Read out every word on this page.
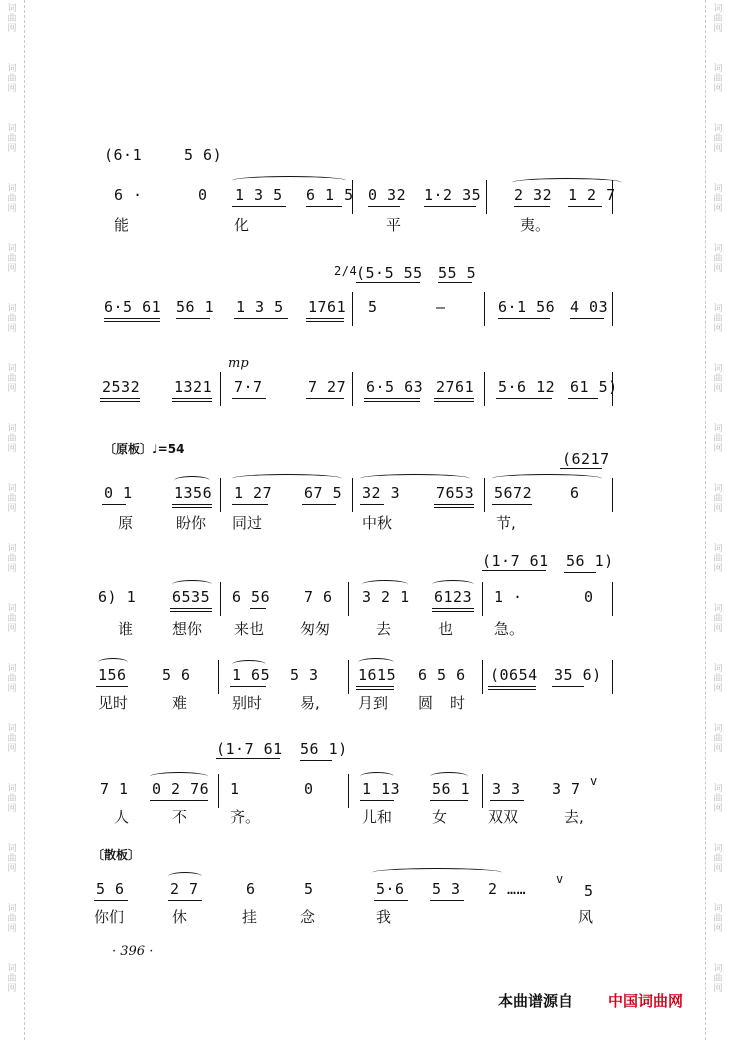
词
曲
网
词
曲
网
词
曲
网
词
曲
网
词
曲
网
词
曲
网
词
曲
网
词
曲
网
词
曲
网
词
曲
网
词
曲
网
词
曲
网
词
曲
网
词
曲
网
词
曲
网
词
曲
网
词
曲
网
词
曲
网
词
曲
网
词
曲
网
词
曲
网
词
曲
网
词
曲
网
词
曲
网
词
曲
网
词
曲
网
词
曲
网
词
曲
网
词
曲
网
词
曲
网
词
曲
网
词
曲
网
词
曲
网
词
曲
网
(6·1	5 6)
6 ·	0 1 3 5 6 1 5 0 32 1·2 35 2 32 1 2 7
能	化	平	夷。
2/4
(5·5 55 55 5
6·5 61 56 1 1 3 5 1761 5	—	6·1 56 4 03
mp
2532 1321 7·7	7 27 6·5 63 2761 5·6 12 61 5)
〔原板〕♩=54
(6217
0 1	1356 1 27 67 5 32 3 7653 5672	6
原	盼你 同过	中秋	节,
(1·7 61 56 1)
6) 1 6535 6 56 7 6 3 2 1 6123 1 ·	0
谁	想你 来也 匆匆	去	也	急。
156 5 6	1 65 5 3	1615 6 5 6 (0654 35 6)
见时	难	别时	易,	月到 圆 时
(1·7 61 56 1)
7 1 0 2 76 1	0	1 13 56 1 3 3 3 7 v
人	不	齐。	儿和	女	双双	去,
〔散板〕
5 6	2 7	6	5	5·6 5 3 2 ……
v
5
你们	休	挂	念	我	风
· 396 ·
本曲谱源自 中国词曲网
